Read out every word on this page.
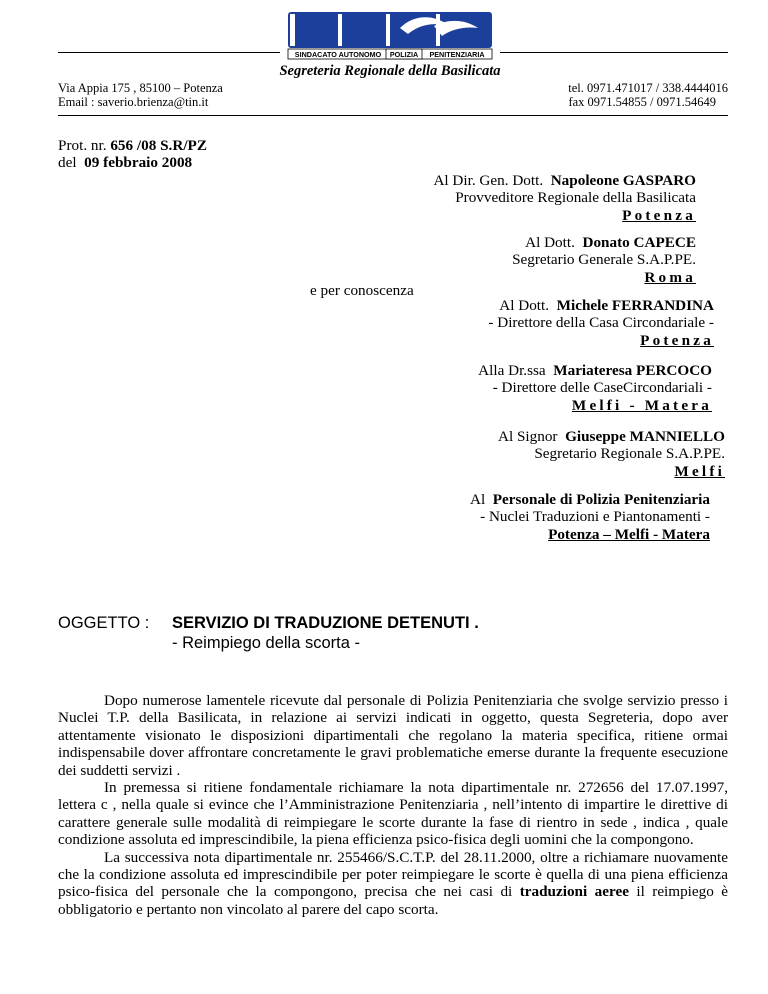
SINDACATO AUTONOMO	POLIZIA	PENITENZIARIA
Segreteria Regionale della Basilicata
Via Appia 175 , 85100 – Potenza
Email : saverio.brienza@tin.it
tel. 0971.471017 / 338.4444016
fax 0971.54855 / 0971.54649
Prot. nr. 656 /08 S.R/PZ
del 09 febbraio 2008
Al Dir. Gen. Dott. Napoleone GASPARO
Provveditore Regionale della Basilicata
Potenza
Al Dott. Donato CAPECE
Segretario Generale S.A.P.PE.
Roma
e per conoscenza
Al Dott. Michele FERRANDINA
- Direttore della Casa Circondariale -
Potenza
Alla Dr.ssa Mariateresa PERCOCO
- Direttore delle CaseCircondariali -
Melfi - Matera
Al Signor Giuseppe MANNIELLO
Segretario Regionale S.A.P.PE.
Melfi
Al Personale di Polizia Penitenziaria
- Nuclei Traduzioni e Piantonamenti -
Potenza – Melfi - Matera
OGGETTO : SERVIZIO DI TRADUZIONE DETENUTI .
- Reimpiego della scorta -

Dopo numerose lamentele ricevute dal personale di Polizia Penitenziaria che svolge servizio presso i Nuclei T.P. della Basilicata, in relazione ai servizi indicati in oggetto, questa Segreteria, dopo aver attentamente visionato le disposizioni dipartimentali che regolano la materia specifica, ritiene ormai indispensabile dover affrontare concretamente le gravi problematiche emerse durante la frequente esecuzione dei suddetti servizi .

In premessa si ritiene fondamentale richiamare la nota dipartimentale nr. 272656 del 17.07.1997, lettera c , nella quale si evince che l’Amministrazione Penitenziaria , nell’intento di impartire le direttive di carattere generale sulle modalità di reimpiegare le scorte durante la fase di rientro in sede , indica , quale condizione assoluta ed imprescindibile, la piena efficienza psico-fisica degli uomini che la compongono.

La successiva nota dipartimentale nr. 255466/S.C.T.P. del 28.11.2000, oltre a richiamare nuovamente che la condizione assoluta ed imprescindibile per poter reimpiegare le scorte è quella di una piena efficienza psico-fisica del personale che la compongono, precisa che nei casi di traduzioni aeree il reimpiego è obbligatorio e pertanto non vincolato al parere del capo scorta.
